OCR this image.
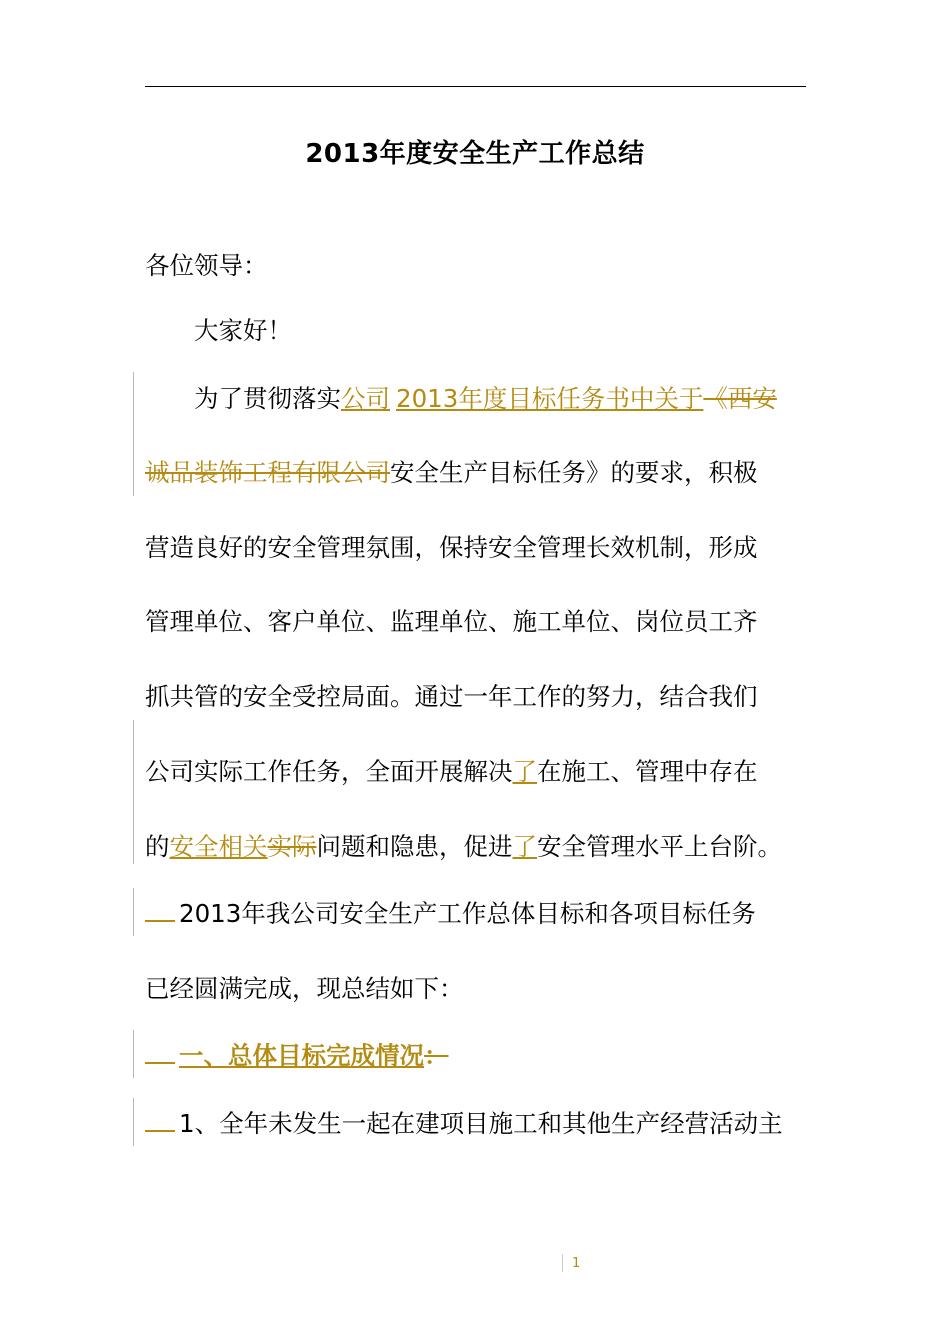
2013年度安全生产工作总结
各位领导：
大家好！
为了贯彻落实公司 2013年度目标任务书中关于《西安
诚品装饰工程有限公司安全生产目标任务》的要求，积极
营造良好的安全管理氛围，保持安全管理长效机制，形成
管理单位、客户单位、监理单位、施工单位、岗位员工齐
抓共管的安全受控局面。通过一年工作的努力，结合我们
公司实际工作任务，全面开展解决了在施工、管理中存在
的安全相关实际问题和隐患，促进了安全管理水平上台阶。
2013年我公司安全生产工作总体目标和各项目标任务
已经圆满完成，现总结如下：
一、总体目标完成情况：
1、全年未发生一起在建项目施工和其他生产经营活动主
1
